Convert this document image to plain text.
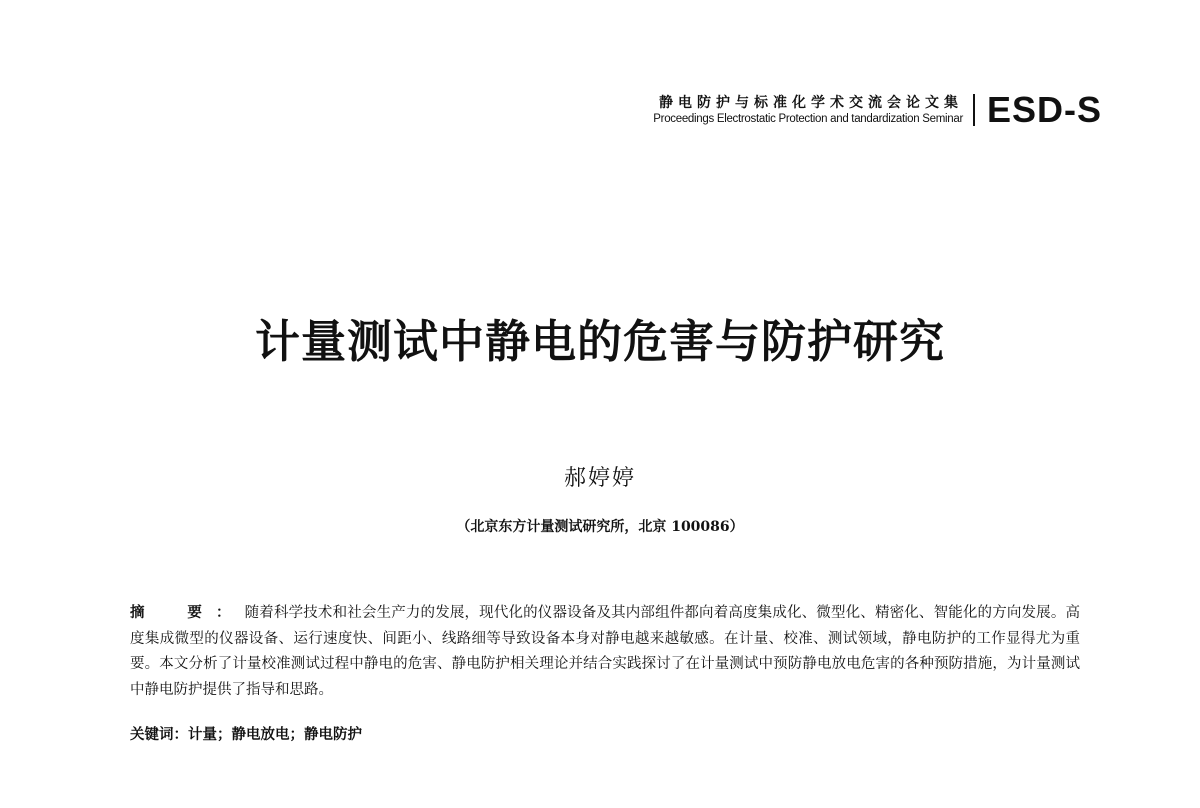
静电防护与标准化学术交流会论文集
Proceedings Electrostatic Protection and tandardization Seminar ESD-S
计量测试中静电的危害与防护研究
郝婷婷
（北京东方计量测试研究所，北京 100086）

摘　要：随着科学技术和社会生产力的发展，现代化的仪器设备及其内部组件都向着高度集成化、微型化、精密化、智能化的方向发展。高度集成微型的仪器设备、运行速度快、间距小、线路细等导致设备本身对静电越来越敏感。在计量、校准、测试领域，静电防护的工作显得尤为重要。本文分析了计量校准测试过程中静电的危害、静电防护相关理论并结合实践探讨了在计量测试中预防静电放电危害的各种预防措施，为计量测试中静电防护提供了指导和思路。

关键词：计量；静电放电；静电防护
